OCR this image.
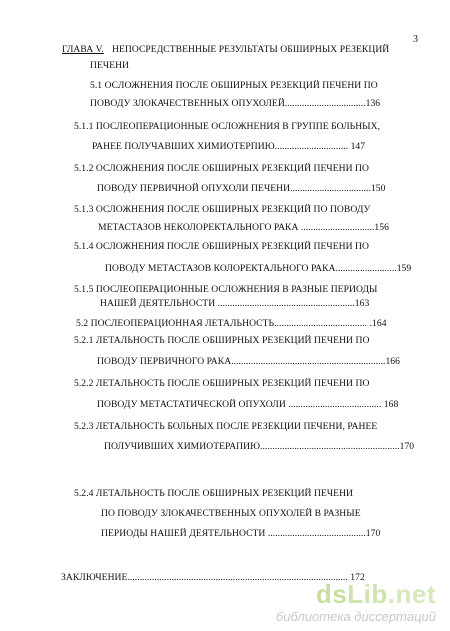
3
ГЛАВА V. НЕПОСРЕДСТВЕННЫЕ РЕЗУЛЬТАТЫ ОБШИРНЫХ РЕЗЕКЦИЙ
ПЕЧЕНИ
5.1 ОСЛОЖНЕНИЯ ПОСЛЕ ОБШИРНЫХ РЕЗЕКЦИЙ ПЕЧЕНИ ПО
ПОВОДУ ЗЛОКАЧЕСТВЕННЫХ ОПУХОЛЕЙ.................................136
5.1.1 ПОСЛЕОПЕРАЦИОННЫЕ ОСЛОЖНЕНИЯ В ГРУППЕ БОЛЬНЫХ,
РАНЕЕ ПОЛУЧАВШИХ ХИМИОТЕРПИЮ.............................. 147
5.1.2 ОСЛОЖНЕНИЯ ПОСЛЕ ОБШИРНЫХ РЕЗЕКЦИЙ ПЕЧЕНИ ПО
ПОВОДУ ПЕРВИЧНОЙ ОПУХОЛИ ПЕЧЕНИ.................................150
5.1.3 ОСЛОЖНЕНИЯ ПОСЛЕ ОБШИРНЫХ РЕЗЕКЦИЙ ПО ПОВОДУ
МЕТАСТАЗОВ НЕКОЛОРЕКТАЛЬНОГО РАКА ..............................156
5.1.4 ОСЛОЖНЕНИЯ ПОСЛЕ ОБШИРНЫХ РЕЗЕКЦИЙ ПЕЧЕНИ ПО
ПОВОДУ МЕТАСТАЗОВ КОЛОРЕКТАЛЬНОГО РАКА.........................159
5.1.5 ПОСЛЕОПЕРАЦИОННЫЕ ОСЛОЖНЕНИЯ В РАЗНЫЕ ПЕРИОДЫ
НАШЕЙ ДЕЯТЕЛЬНОСТИ ........................................................163
5.2 ПОСЛЕОПЕРАЦИОННАЯ ЛЕТАЛЬНОСТЬ...................................... .164
5.2.1 ЛЕТАЛЬНОСТЬ ПОСЛЕ ОБШИРНЫХ РЕЗЕКЦИЙ ПЕЧЕНИ ПО
ПОВОДУ ПЕРВИЧНОГО РАКА...............................................................166
5.2.2 ЛЕТАЛЬНОСТЬ ПОСЛЕ ОБШИРНЫХ РЕЗЕКЦИЙ ПЕЧЕНИ ПО
ПОВОДУ МЕТАСТАТИЧЕСКОЙ ОПУХОЛИ ...................................... 168
5.2.3 ЛЕТАЛЬНОСТЬ БОЛЬНЫХ ПОСЛЕ РЕЗЕКЦИИ ПЕЧЕНИ, РАНЕЕ
ПОЛУЧИВШИХ ХИМИОТЕРАПИЮ.........................................................170
5.2.4 ЛЕТАЛЬНОСТЬ ПОСЛЕ ОБШИРНЫХ РЕЗЕКЦИЙ ПЕЧЕНИ
ПО ПОВОДУ ЗЛОКАЧЕСТВЕННЫХ ОПУХОЛЕЙ В РАЗНЫЕ
ПЕРИОДЫ НАШЕЙ ДЕЯТЕЛЬНОСТИ ........................................170
ЗАКЛЮЧЕНИЕ.......................................................................................... 172
dsLib.net
библиотека диссертаций
